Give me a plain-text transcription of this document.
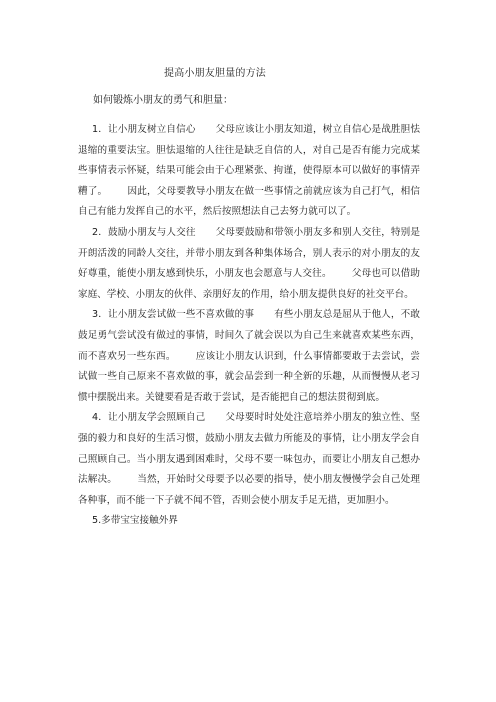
提高小朋友胆量的方法
如何锻炼小朋友的勇气和胆量：

1．让小朋友树立自信心 父母应该让小朋友知道，树立自信心是战胜胆怯退缩的重要法宝。胆怯退缩的人往往是缺乏自信的人，对自己是否有能力完成某些事情表示怀疑，结果可能会由于心理紧张、拘谨，使得原本可以做好的事情弄糟了。 因此，父母要教导小朋友在做一些事情之前就应该为自己打气，相信自己有能力发挥自己的水平，然后按照想法自己去努力就可以了。

2．鼓励小朋友与人交往 父母要鼓励和带领小朋友多和别人交往，特别是开朗活泼的同龄人交往，并带小朋友到各种集体场合，别人表示的对小朋友的友好尊重，能使小朋友感到快乐，小朋友也会愿意与人交往。 父母也可以借助家庭、学校、小朋友的伙伴、亲朋好友的作用，给小朋友提供良好的社交平台。

3．让小朋友尝试做一些不喜欢做的事 有些小朋友总是屈从于他人，不敢鼓足勇气尝试没有做过的事情，时间久了就会误以为自己生来就喜欢某些东西，而不喜欢另一些东西。 应该让小朋友认识到，什么事情都要敢于去尝试，尝试做一些自己原来不喜欢做的事，就会品尝到一种全新的乐趣，从而慢慢从老习惯中摆脱出来。关键要看是否敢于尝试，是否能把自己的想法贯彻到底。

4．让小朋友学会照顾自己 父母要时时处处注意培养小朋友的独立性、坚强的毅力和良好的生活习惯，鼓励小朋友去做力所能及的事情，让小朋友学会自己照顾自己。当小朋友遇到困难时，父母不要一味包办，而要让小朋友自己想办法解决。 当然，开始时父母要予以必要的指导，使小朋友慢慢学会自己处理各种事，而不能一下子就不闻不管，否则会使小朋友手足无措，更加胆小。

5.多带宝宝接触外界
